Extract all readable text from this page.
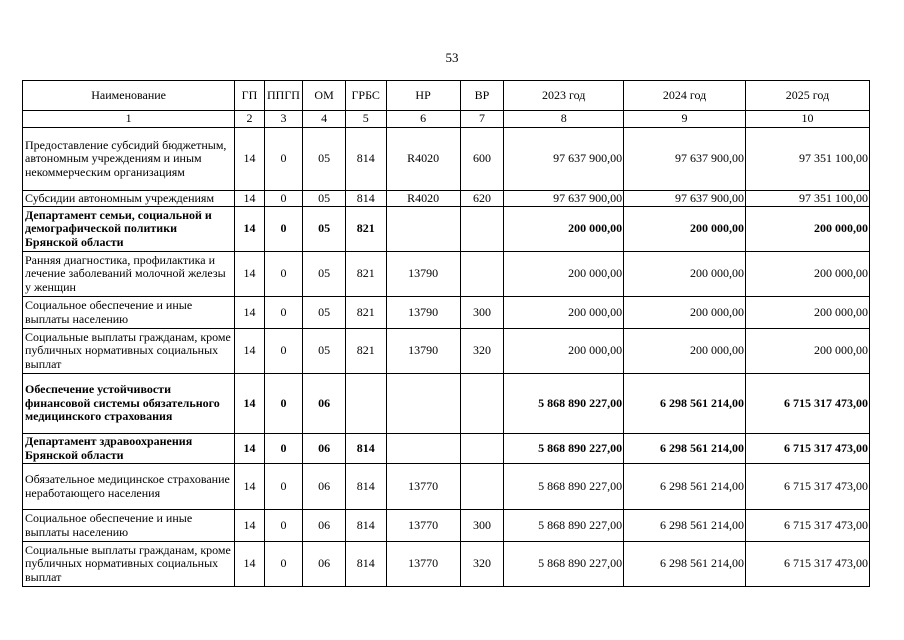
53
Наименование	ГП	ППГП	ОМ	ГРБС	НР	ВР	2023 год	2024 год	2025 год
1	2	3	4	5	6	7	8	9	10
Предоставление субсидий бюджетным, автономным учреждениям и иным некоммерческим организациям	14	0	05	814	R4020	600	97 637 900,00	97 637 900,00	97 351 100,00
Субсидии автономным учреждениям	14	0	05	814	R4020	620	97 637 900,00	97 637 900,00	97 351 100,00
Департамент семьи, социальной и демографической политики Брянской области	14	0	05	821			200 000,00	200 000,00	200 000,00
Ранняя диагностика, профилактика и лечение заболеваний молочной железы у женщин	14	0	05	821	13790		200 000,00	200 000,00	200 000,00
Социальное обеспечение и иные выплаты населению	14	0	05	821	13790	300	200 000,00	200 000,00	200 000,00
Социальные выплаты гражданам, кроме публичных нормативных социальных выплат	14	0	05	821	13790	320	200 000,00	200 000,00	200 000,00
Обеспечение устойчивости финансовой системы обязательного медицинского страхования	14	0	06				5 868 890 227,00	6 298 561 214,00	6 715 317 473,00
Департамент здравоохранения Брянской области	14	0	06	814			5 868 890 227,00	6 298 561 214,00	6 715 317 473,00
Обязательное медицинское страхование неработающего населения	14	0	06	814	13770		5 868 890 227,00	6 298 561 214,00	6 715 317 473,00
Социальное обеспечение и иные выплаты населению	14	0	06	814	13770	300	5 868 890 227,00	6 298 561 214,00	6 715 317 473,00
Социальные выплаты гражданам, кроме публичных нормативных социальных выплат	14	0	06	814	13770	320	5 868 890 227,00	6 298 561 214,00	6 715 317 473,00
